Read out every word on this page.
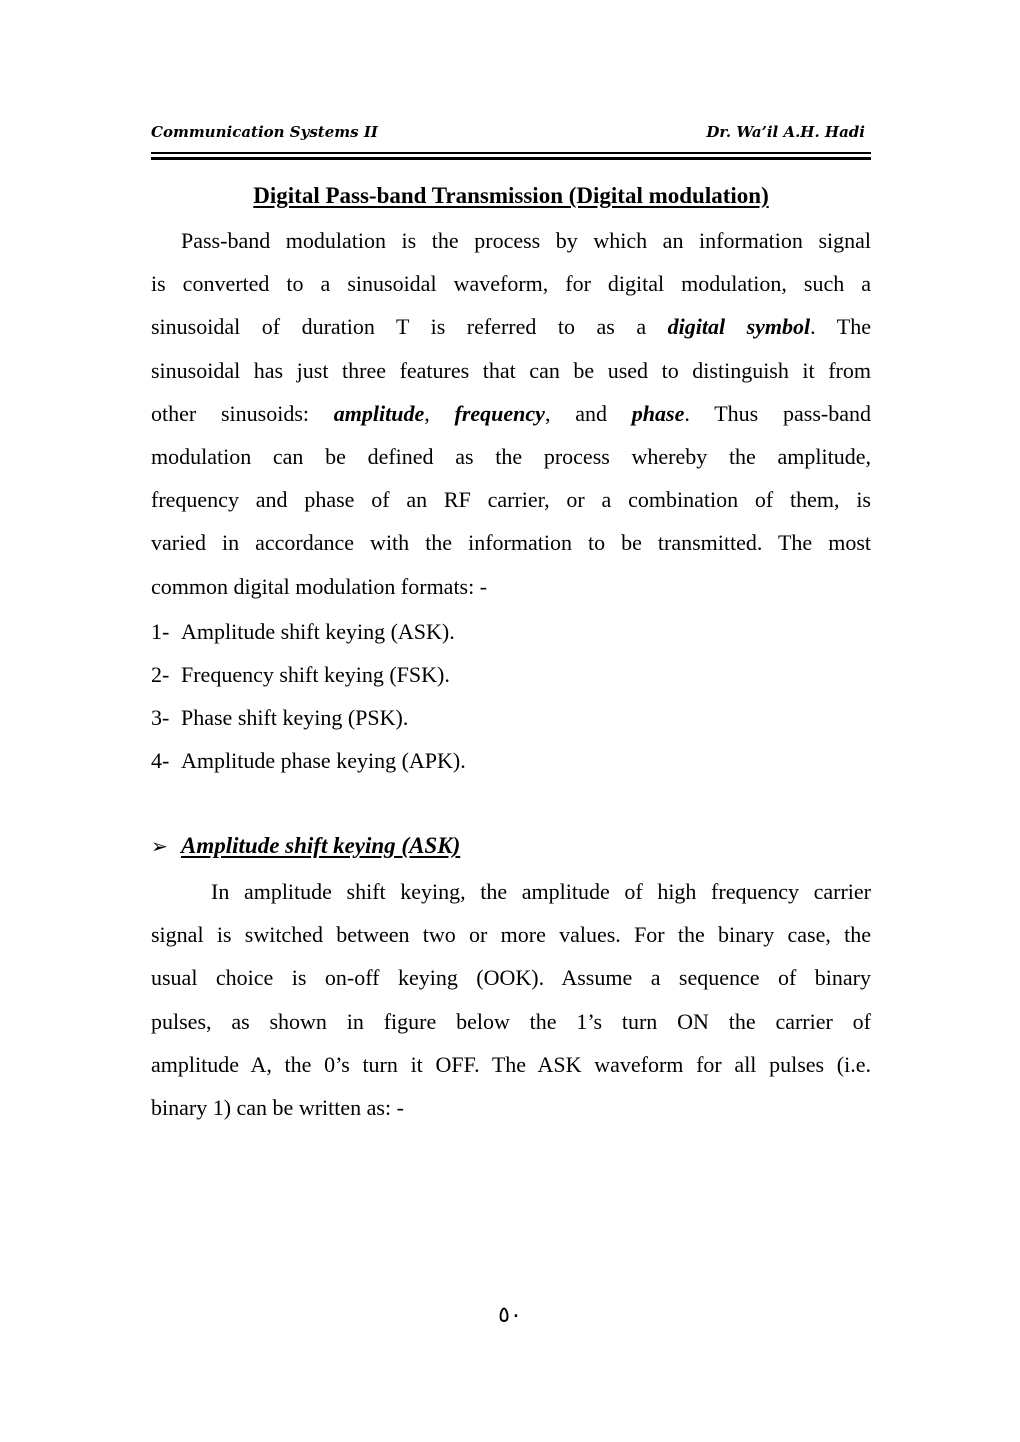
Communication Systems II	Dr. Wa’il A.H. Hadi
Digital Pass-band Transmission (Digital modulation)
Pass-band modulation is the process by which an information signal
is converted to a sinusoidal waveform, for digital modulation, such a
sinusoidal of duration T is referred to as a digital symbol. The
sinusoidal has just three features that can be used to distinguish it from
other sinusoids: amplitude, frequency, and phase. Thus pass-band
modulation can be defined as the process whereby the amplitude,
frequency and phase of an RF carrier, or a combination of them, is
varied in accordance with the information to be transmitted. The most
common digital modulation formats: -
1- Amplitude shift keying (ASK).
2- Frequency shift keying (FSK).
3- Phase shift keying (PSK).
4- Amplitude phase keying (APK).
➢ Amplitude shift keying (ASK)
In amplitude shift keying, the amplitude of high frequency carrier
signal is switched between two or more values. For the binary case, the
usual choice is on-off keying (OOK). Assume a sequence of binary
pulses, as shown in figure below the 1’s turn ON the carrier of
amplitude A, the 0’s turn it OFF. The ASK waveform for all pulses (i.e.
binary 1) can be written as: -
٥٠
